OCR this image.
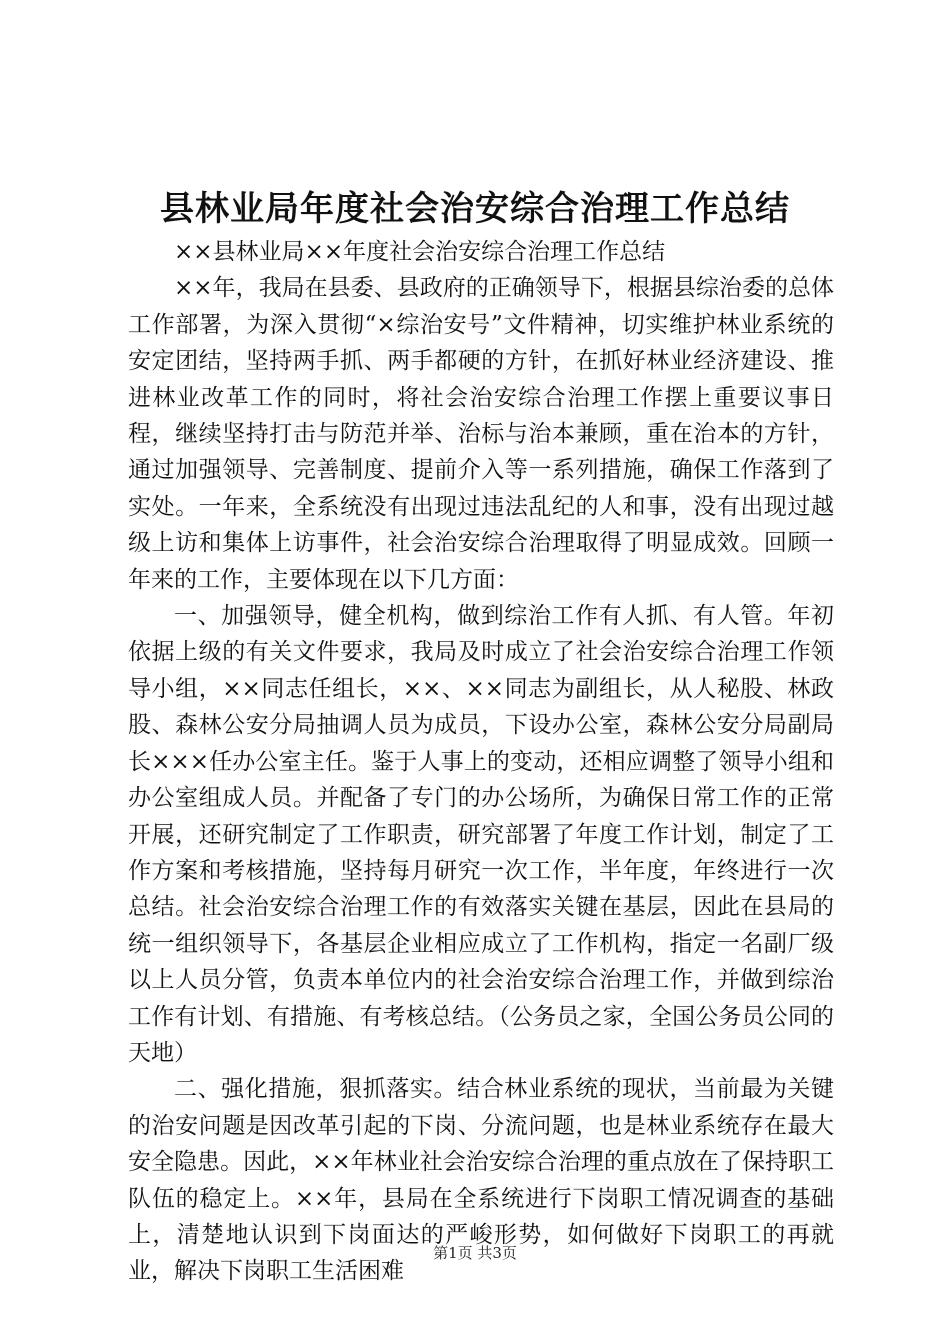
县林业局年度社会治安综合治理工作总结

××县林业局××年度社会治安综合治理工作总结

××年，我局在县委、县政府的正确领导下，根据县综治委的总体工作部署，为深入贯彻“×综治安号”文件精神，切实维护林业系统的安定团结，坚持两手抓、两手都硬的方针，在抓好林业经济建设、推进林业改革工作的同时，将社会治安综合治理工作摆上重要议事日程，继续坚持打击与防范并举、治标与治本兼顾，重在治本的方针，通过加强领导、完善制度、提前介入等一系列措施，确保工作落到了实处。一年来，全系统没有出现过违法乱纪的人和事，没有出现过越级上访和集体上访事件，社会治安综合治理取得了明显成效。回顾一年来的工作，主要体现在以下几方面：

一、加强领导，健全机构，做到综治工作有人抓、有人管。年初依据上级的有关文件要求，我局及时成立了社会治安综合治理工作领导小组，××同志任组长，××、××同志为副组长，从人秘股、林政股、森林公安分局抽调人员为成员，下设办公室，森林公安分局副局长×××任办公室主任。鉴于人事上的变动，还相应调整了领导小组和办公室组成人员。并配备了专门的办公场所，为确保日常工作的正常开展，还研究制定了工作职责，研究部署了年度工作计划，制定了工作方案和考核措施，坚持每月研究一次工作，半年度，年终进行一次总结。社会治安综合治理工作的有效落实关键在基层，因此在县局的统一组织领导下，各基层企业相应成立了工作机构，指定一名副厂级以上人员分管，负责本单位内的社会治安综合治理工作，并做到综治工作有计划、有措施、有考核总结。（公务员之家，全国公务员公同的天地）

二、强化措施，狠抓落实。结合林业系统的现状，当前最为关键的治安问题是因改革引起的下岗、分流问题，也是林业系统存在最大安全隐患。因此，××年林业社会治安综合治理的重点放在了保持职工队伍的稳定上。××年，县局在全系统进行下岗职工情况调查的基础上，清楚地认识到下岗面达的严峻形势，如何做好下岗职工的再就业，解决下岗职工生活困难

第1页 共3页
